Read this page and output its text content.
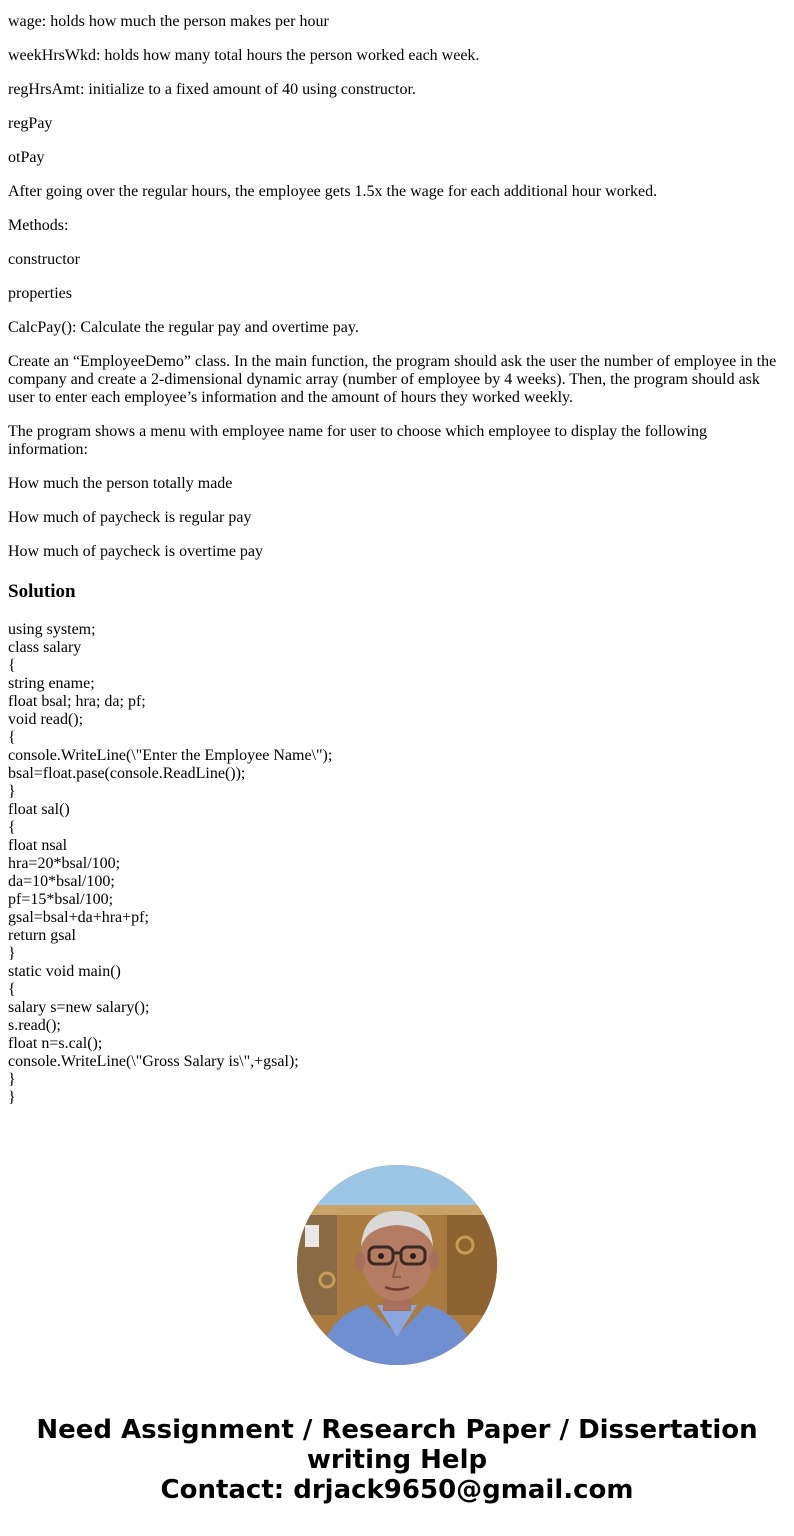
wage: holds how much the person makes per hour

weekHrsWkd: holds how many total hours the person worked each week.

regHrsAmt: initialize to a fixed amount of 40 using constructor.

regPay

otPay

After going over the regular hours, the employee gets 1.5x the wage for each additional hour worked.

Methods:

constructor

properties

CalcPay(): Calculate the regular pay and overtime pay.

Create an “EmployeeDemo” class. In the main function, the program should ask the user the number of employee in the company and create a 2-dimensional dynamic array (number of employee by 4 weeks). Then, the program should ask user to enter each employee’s information and the amount of hours they worked weekly.

The program shows a menu with employee name for user to choose which employee to display the following information:

How much the person totally made

How much of paycheck is regular pay

How much of paycheck is overtime pay

Solution
using system;
class salary
{
string ename;
float bsal; hra; da; pf;
void read();
{
console.WriteLine(\"Enter the Employee Name\");
bsal=float.pase(console.ReadLine());
}
float sal()
{
float nsal
hra=20*bsal/100;
da=10*bsal/100;
pf=15*bsal/100;
gsal=bsal+da+hra+pf;
return gsal
}
static void main()
{
salary s=new salary();
s.read();
float n=s.cal();
console.WriteLine(\"Gross Salary is\",+gsal);
}
}
Need Assignment / Research Paper / Dissertation
writing Help
Contact: drjack9650@gmail.com
